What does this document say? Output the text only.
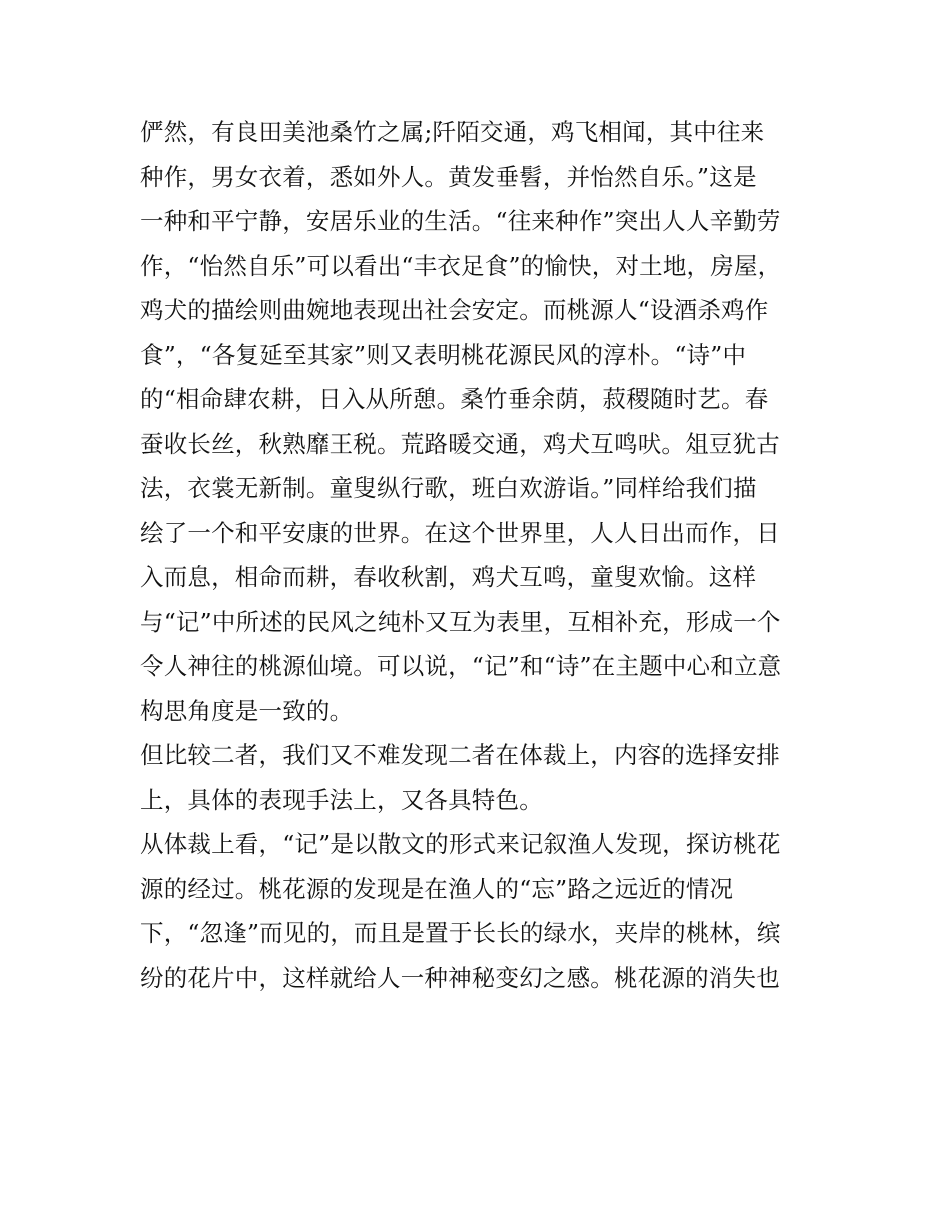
俨然，有良田美池桑竹之属;阡陌交通，鸡飞相闻，其中往来
种作，男女衣着，悉如外人。黄发垂髫，并怡然自乐。”这是
一种和平宁静，安居乐业的生活。“往来种作”突出人人辛勤劳
作，“怡然自乐”可以看出“丰衣足食”的愉快，对土地，房屋，
鸡犬的描绘则曲婉地表现出社会安定。而桃源人“设酒杀鸡作
食”，“各复延至其家”则又表明桃花源民风的淳朴。“诗”中
的“相命肆农耕，日入从所憩。桑竹垂余荫，菽稷随时艺。春
蚕收长丝，秋熟靡王税。荒路暖交通，鸡犬互鸣吠。俎豆犹古
法，衣裳无新制。童叟纵行歌，班白欢游诣。”同样给我们描
绘了一个和平安康的世界。在这个世界里，人人日出而作，日
入而息，相命而耕，春收秋割，鸡犬互鸣，童叟欢愉。这样
与“记”中所述的民风之纯朴又互为表里，互相补充，形成一个
令人神往的桃源仙境。可以说，“记”和“诗”在主题中心和立意
构思角度是一致的。
但比较二者，我们又不难发现二者在体裁上，内容的选择安排
上，具体的表现手法上，又各具特色。
从体裁上看，“记”是以散文的形式来记叙渔人发现，探访桃花
源的经过。桃花源的发现是在渔人的“忘”路之远近的情况
下，“忽逢”而见的，而且是置于长长的绿水，夹岸的桃林，缤
纷的花片中，这样就给人一种神秘变幻之感。桃花源的消失也
